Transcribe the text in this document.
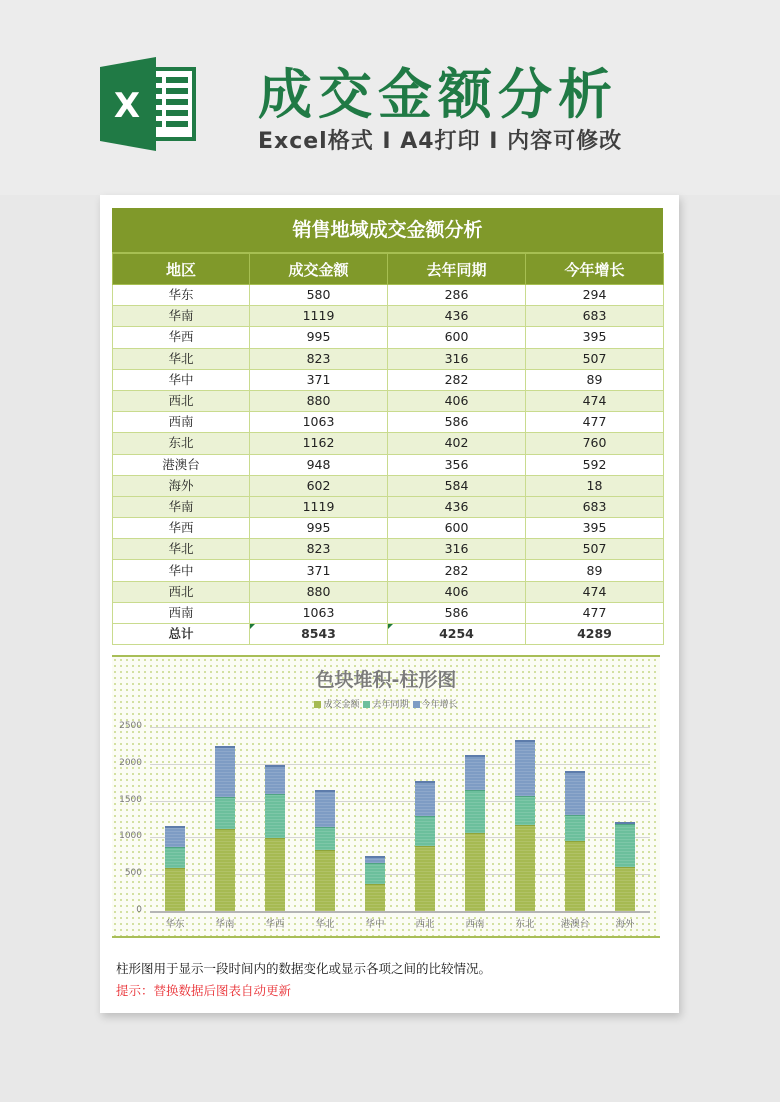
X 成交金额分析
Excel格式 I A4打印 I 内容可修改
销售地域成交金额分析
地区	成交金额	去年同期	今年增长
华东	580	286	294
华南	1119	436	683
华西	995	600	395
华北	823	316	507
华中	371	282	89
西北	880	406	474
西南	1063	586	477
东北	1162	402	760
港澳台	948	356	592
海外	602	584	18
华南	1119	436	683
华西	995	600	395
华北	823	316	507
华中	371	282	89
西北	880	406	474
西南	1063	586	477
总计	8543	4254	4289
色块堆积-柱形图
成交金额 去年同期 今年增长
0
500
1000
1500
2000
2500
华东	华南	华西	华北	华中	西北	西南	东北	港澳台	海外
柱形图用于显示一段时间内的数据变化或显示各项之间的比较情况。
提示：替换数据后图表自动更新
